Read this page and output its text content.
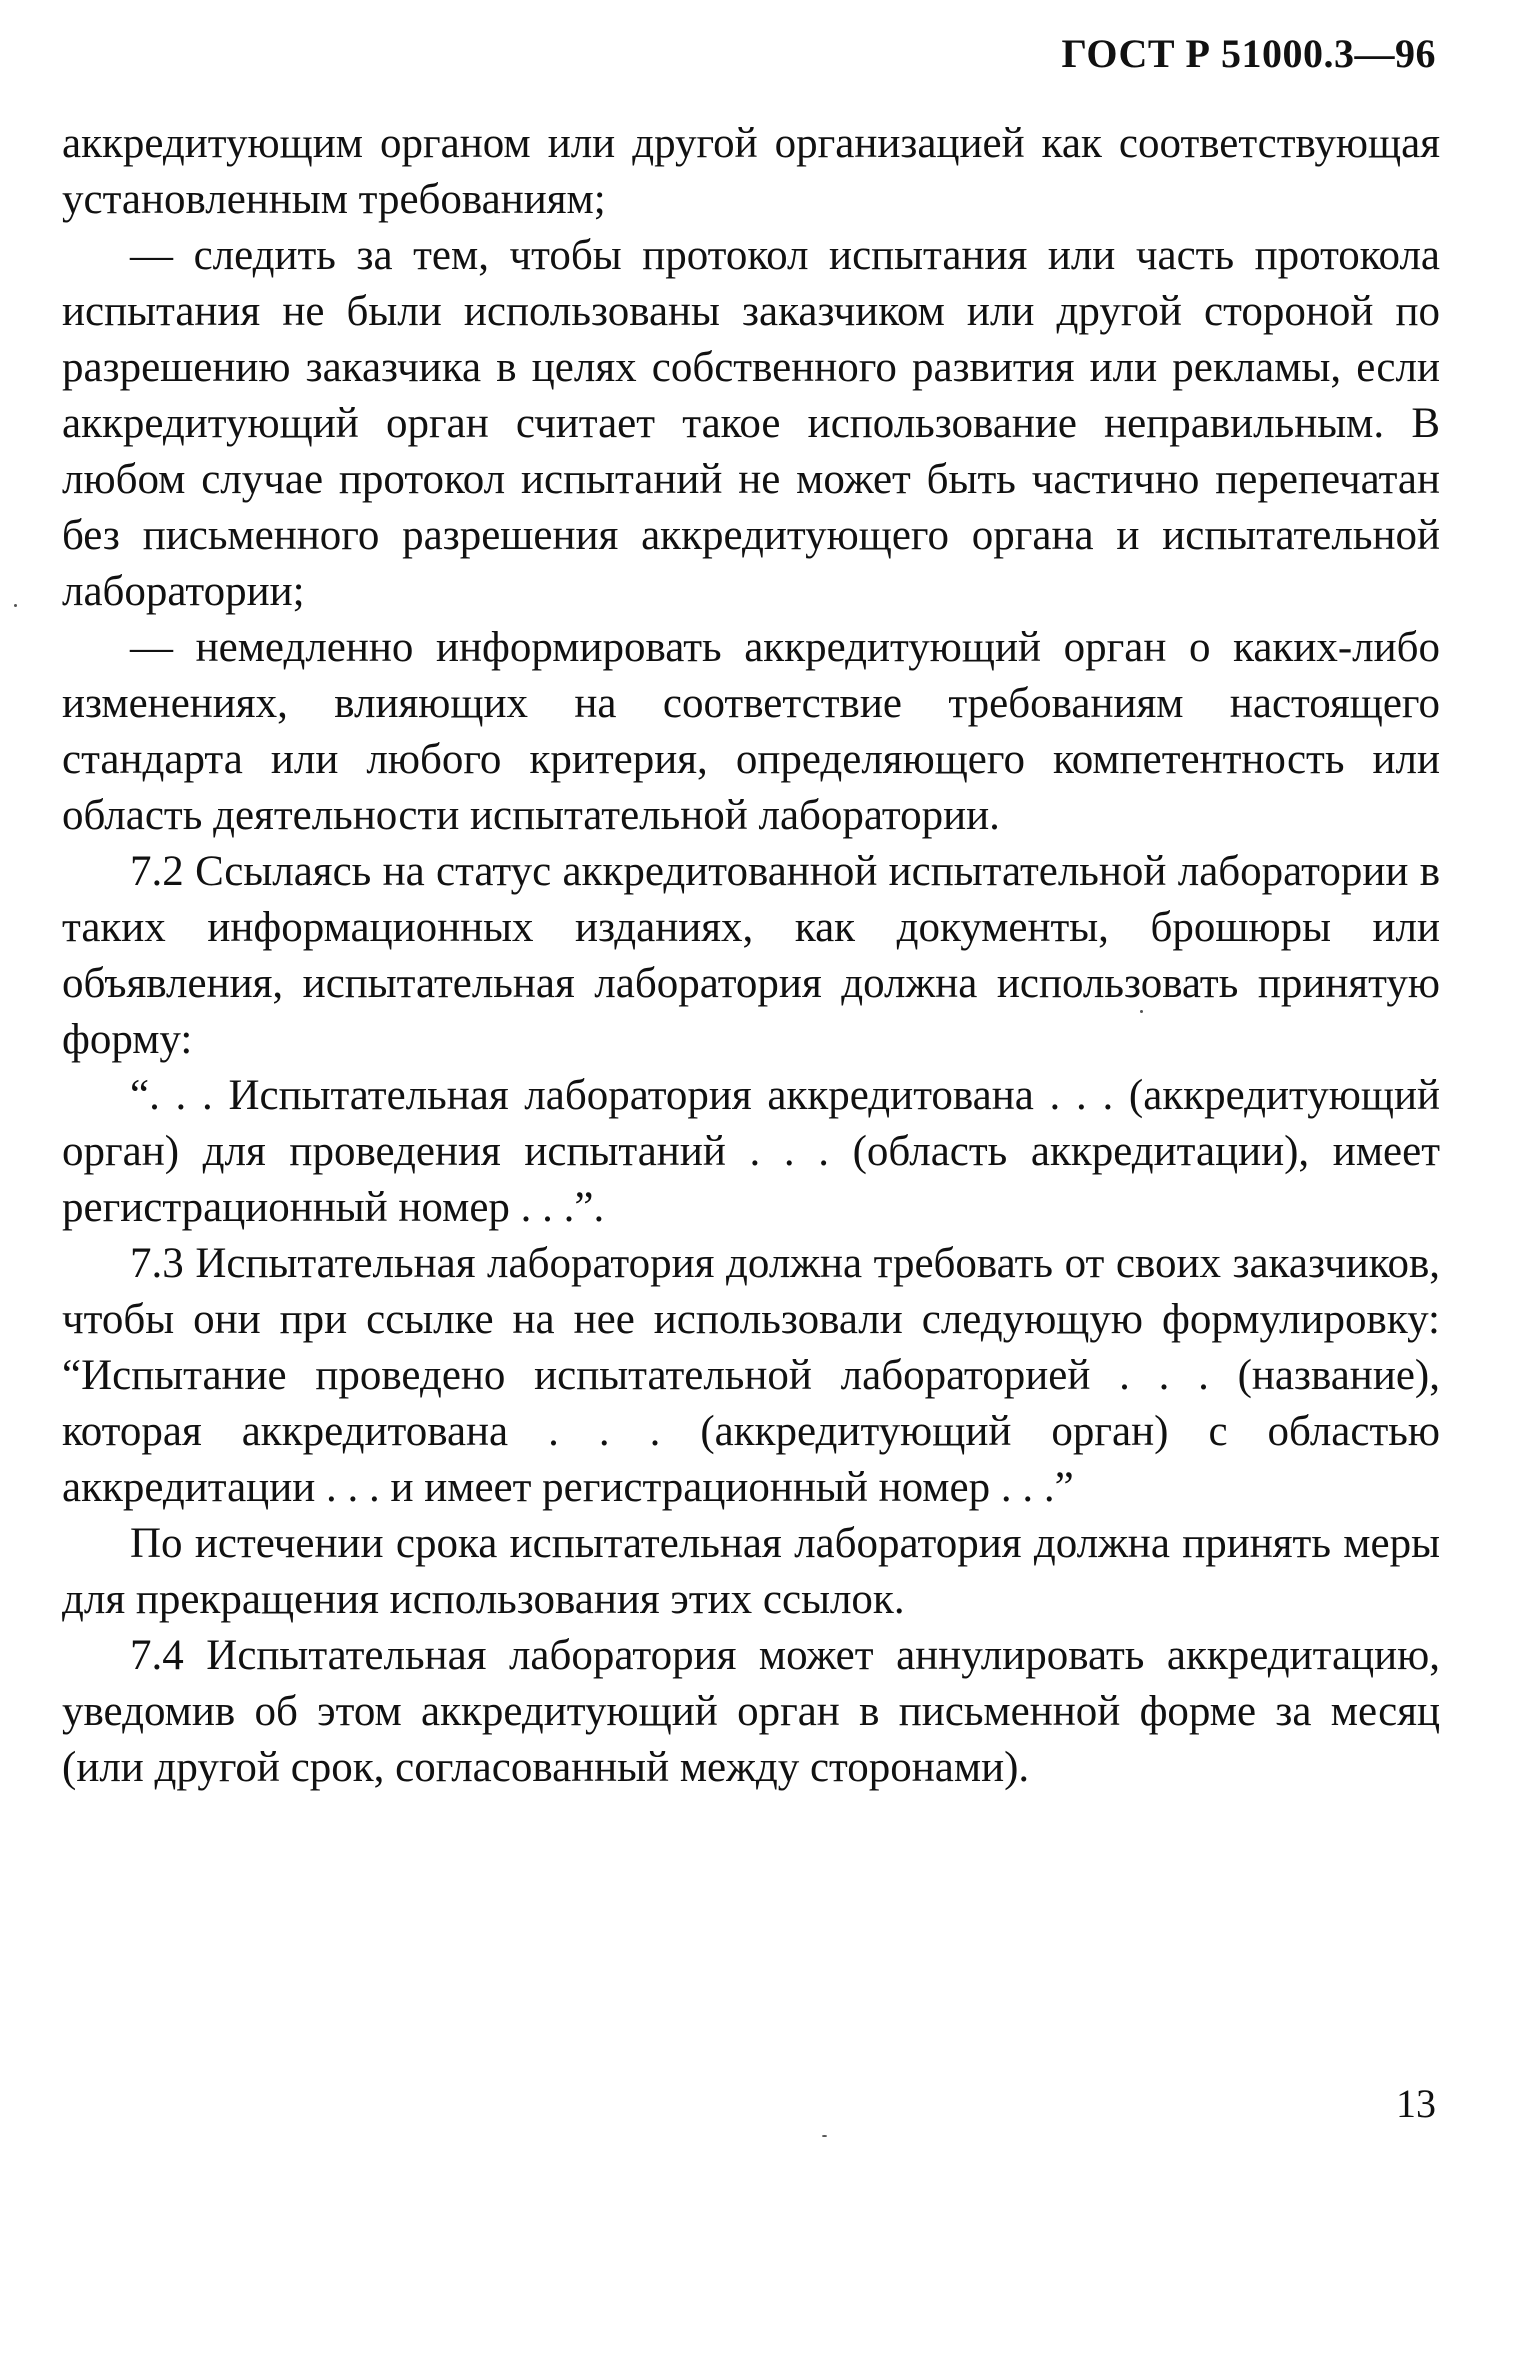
ГОСТ Р 51000.3—96

аккредитующим органом или другой организацией как соответствующая установленным требованиям;

— следить за тем, чтобы протокол испытания или часть протокола испытания не были использованы заказчиком или другой стороной по разрешению заказчика в целях собственного развития или рекламы, если аккредитующий орган считает такое использование неправильным. В любом случае протокол испытаний не может быть частично перепечатан без письменного разрешения аккредитующего органа и испытательной лаборатории;

— немедленно информировать аккредитующий орган о каких-либо изменениях, влияющих на соответствие требованиям настоящего стандарта или любого критерия, определяющего компетентность или область деятельности испытательной лаборатории.

7.2 Ссылаясь на статус аккредитованной испытательной лаборатории в таких информационных изданиях, как документы, брошюры или объявления, испытательная лаборатория должна использовать принятую форму:

“. . . Испытательная лаборатория аккредитована . . . (аккредитующий орган) для проведения испытаний . . . (область аккредитации), имеет регистрационный номер . . .”.

7.3 Испытательная лаборатория должна требовать от своих заказчиков, чтобы они при ссылке на нее использовали следующую формулировку: “Испытание проведено испытательной лабораторией . . . (название), которая аккредитована . . . (аккредитующий орган) с областью аккредитации . . . и имеет регистрационный номер . . .”

По истечении срока испытательная лаборатория должна принять меры для прекращения использования этих ссылок.

7.4 Испытательная лаборатория может аннулировать аккредитацию, уведомив об этом аккредитующий орган в письменной форме за месяц (или другой срок, согласованный между сторонами).

13
